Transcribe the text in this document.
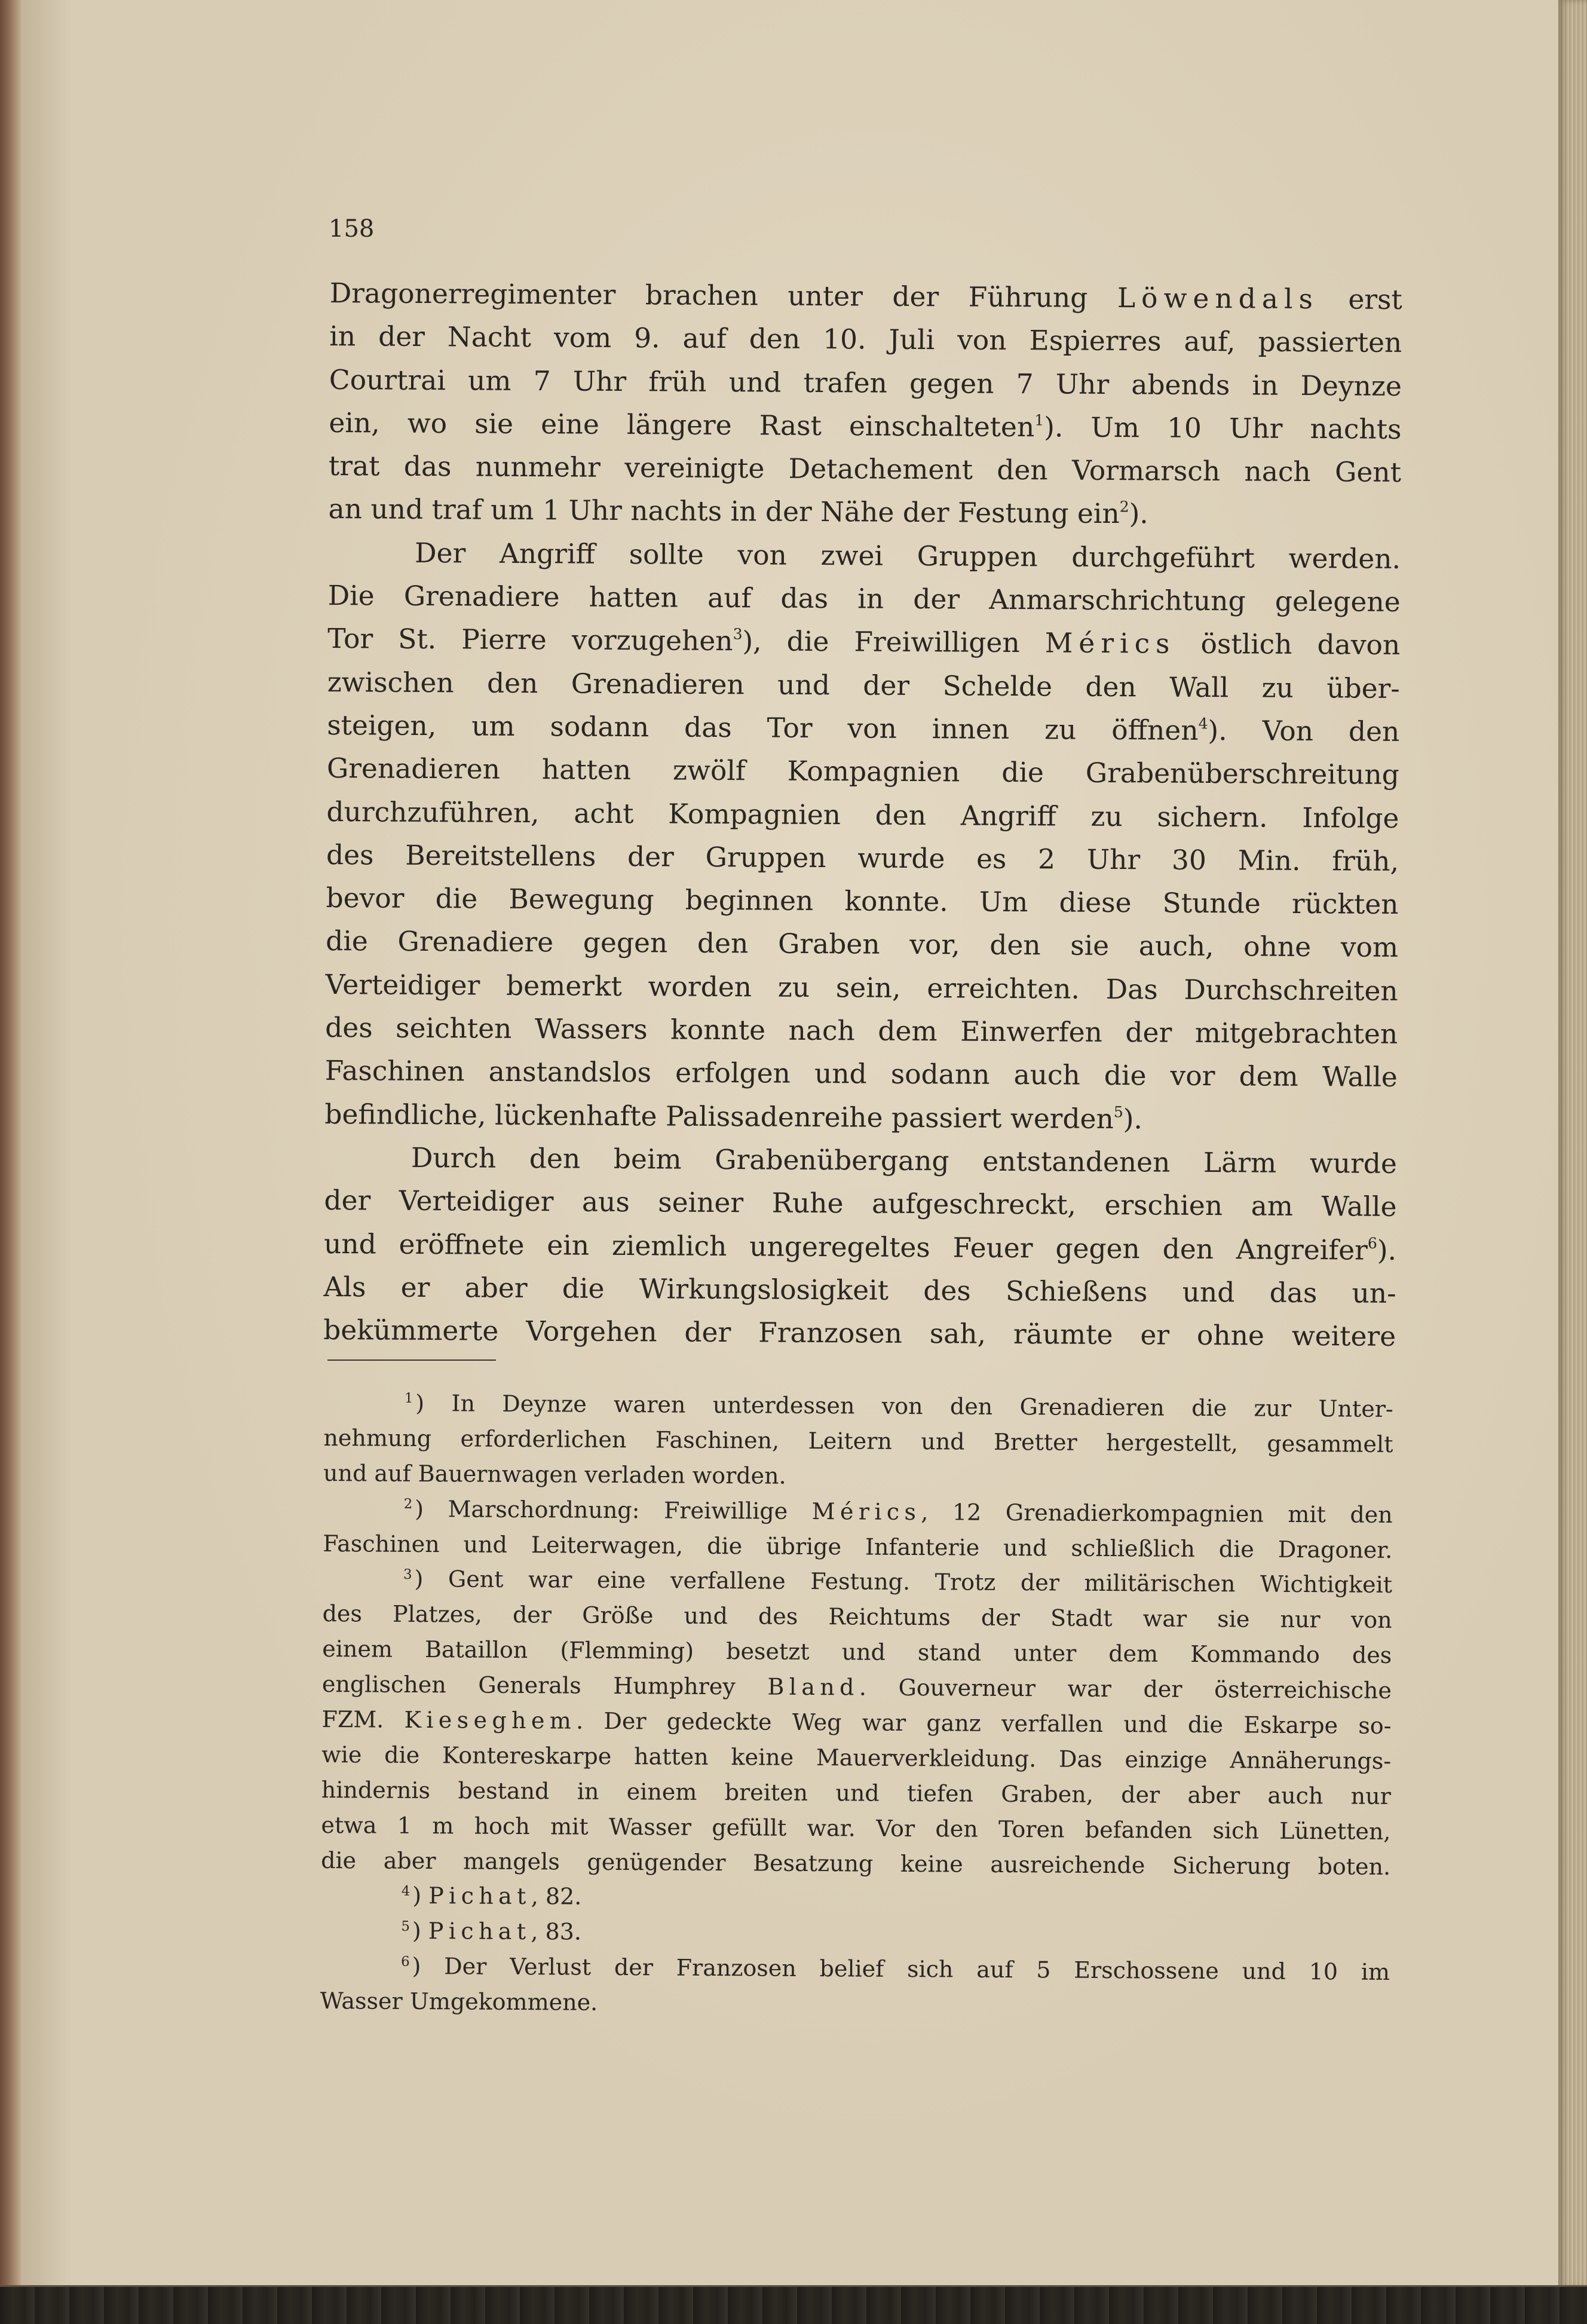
158

Dragonerregimenter brachen unter der Führung Löwendals erst
in der Nacht vom 9. auf den 10. Juli von Espierres auf, passierten
Courtrai um 7 Uhr früh und trafen gegen 7 Uhr abends in Deynze
ein, wo sie eine längere Rast einschalteten$^1$). Um 10 Uhr nachts
trat das nunmehr vereinigte Detachement den Vormarsch nach Gent
an und traf um 1 Uhr nachts in der Nähe der Festung ein$^2$).
Der Angriff sollte von zwei Gruppen durchgeführt werden.
Die Grenadiere hatten auf das in der Anmarschrichtung gelegene
Tor St. Pierre vorzugehen$^3$), die Freiwilligen Mérics östlich davon
zwischen den Grenadieren und der Schelde den Wall zu über-
steigen, um sodann das Tor von innen zu öffnen$^4$). Von den
Grenadieren hatten zwölf Kompagnien die Grabenüberschreitung
durchzuführen, acht Kompagnien den Angriff zu sichern. Infolge
des Bereitstellens der Gruppen wurde es 2 Uhr 30 Min. früh,
bevor die Bewegung beginnen konnte. Um diese Stunde rückten
die Grenadiere gegen den Graben vor, den sie auch, ohne vom
Verteidiger bemerkt worden zu sein, erreichten. Das Durchschreiten
des seichten Wassers konnte nach dem Einwerfen der mitgebrachten
Faschinen anstandslos erfolgen und sodann auch die vor dem Walle
befindliche, lückenhafte Palissadenreihe passiert werden$^5$).
Durch den beim Grabenübergang entstandenen Lärm wurde
der Verteidiger aus seiner Ruhe aufgeschreckt, erschien am Walle
und eröffnete ein ziemlich ungeregeltes Feuer gegen den Angreifer$^6$).
Als er aber die Wirkungslosigkeit des Schießens und das un-
bekümmerte Vorgehen der Franzosen sah, räumte er ohne weitere
$^1$) In Deynze waren unterdessen von den Grenadieren die zur Unter-
nehmung erforderlichen Faschinen, Leitern und Bretter hergestellt, gesammelt
und auf Bauernwagen verladen worden.
$^2$) Marschordnung: Freiwillige Mérics, 12 Grenadierkompagnien mit den
Faschinen und Leiterwagen, die übrige Infanterie und schließlich die Dragoner.
$^3$) Gent war eine verfallene Festung. Trotz der militärischen Wichtigkeit
des Platzes, der Größe und des Reichtums der Stadt war sie nur von
einem Bataillon (Flemming) besetzt und stand unter dem Kommando des
englischen Generals Humphrey Bland. Gouverneur war der österreichische
FZM. Kieseghem. Der gedeckte Weg war ganz verfallen und die Eskarpe so-
wie die Kontereskarpe hatten keine Mauerverkleidung. Das einzige Annäherungs-
hindernis bestand in einem breiten und tiefen Graben, der aber auch nur
etwa 1 m hoch mit Wasser gefüllt war. Vor den Toren befanden sich Lünetten,
die aber mangels genügender Besatzung keine ausreichende Sicherung boten.
$^4$) Pichat, 82.
$^5$) Pichat, 83.
$^6$) Der Verlust der Franzosen belief sich auf 5 Erschossene und 10 im
Wasser Umgekommene.
